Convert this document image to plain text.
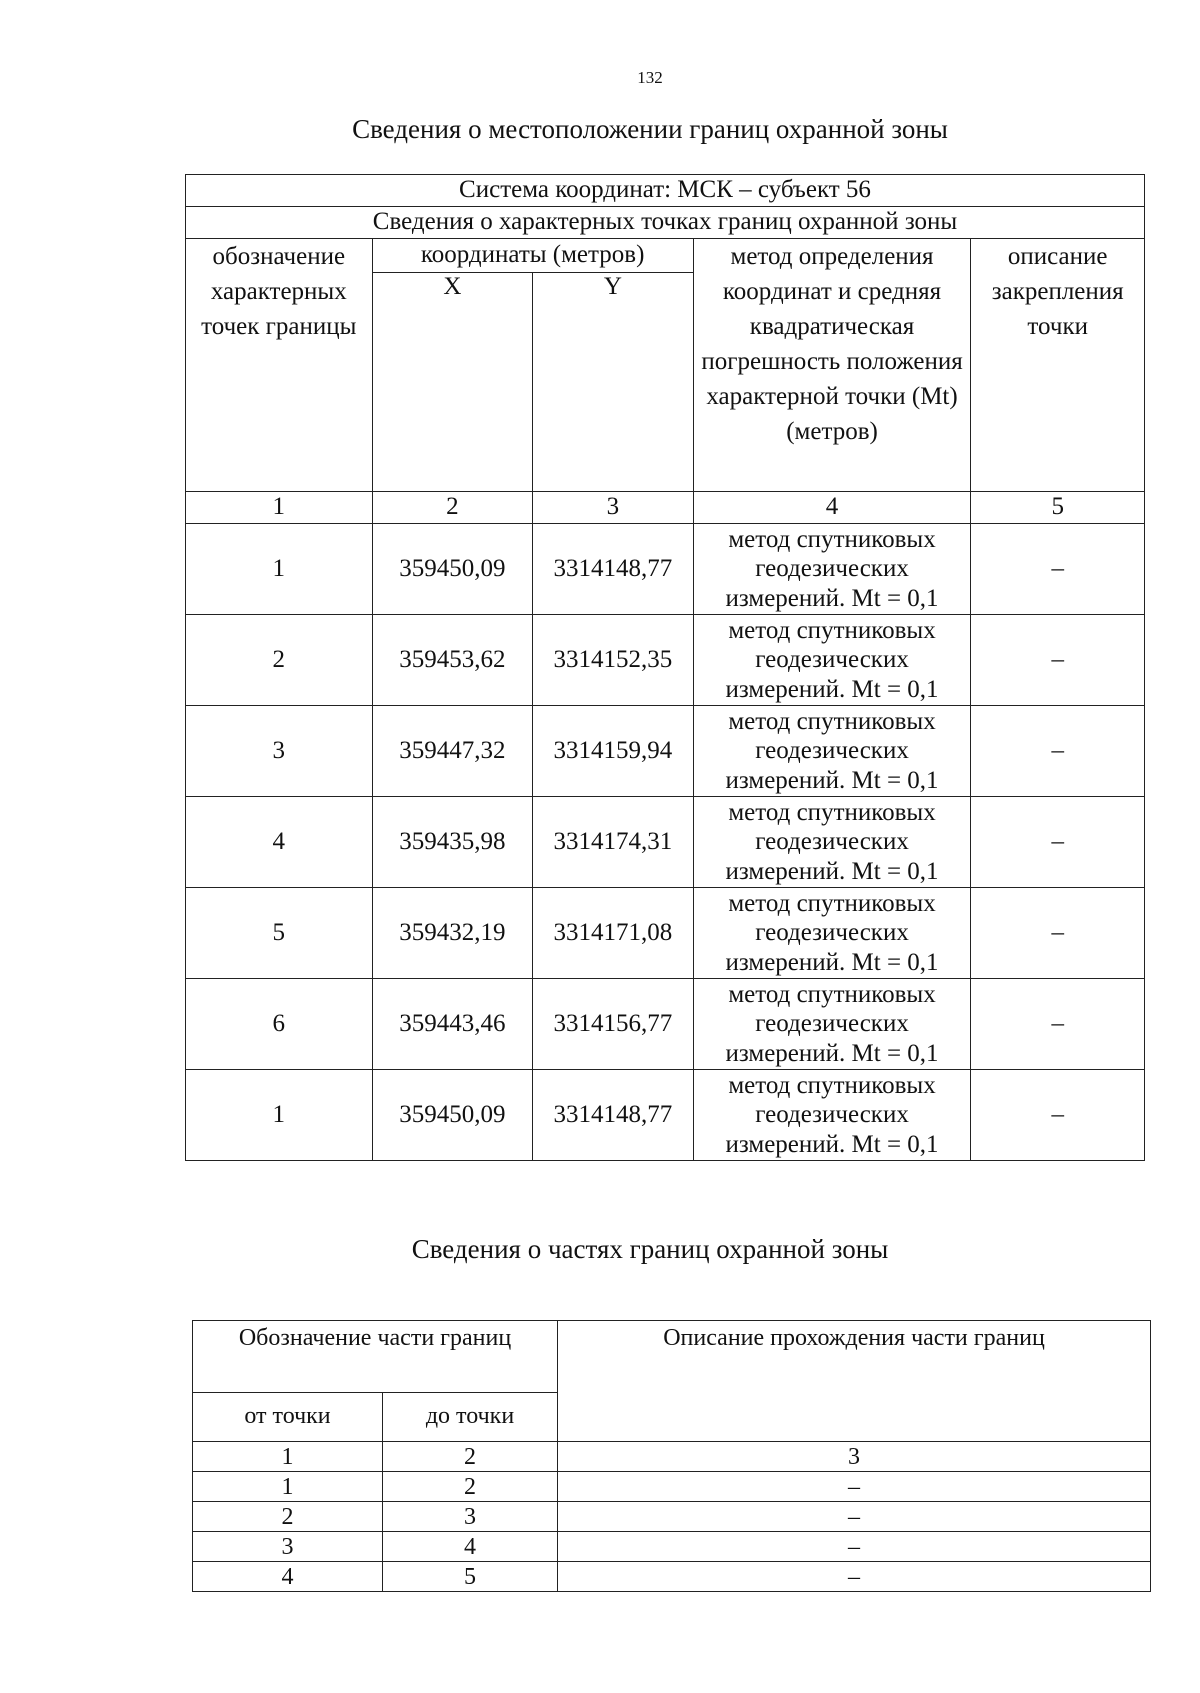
132
Сведения о местоположении границ охранной зоны
Система координат: МСК – субъект 56				
Сведения о характерных точках границ охранной зоны				
обозначение характерных точек границы	координаты (метров)		метод определения координат и средняя квадратическая погрешность положения характерной точки (Mt) (метров)	описание закрепления точки
	X	Y		
1	2	3	4	5
1	359450,09	3314148,77	метод спутниковых геодезических измерений. Mt = 0,1	–
2	359453,62	3314152,35	метод спутниковых геодезических измерений. Mt = 0,1	–
3	359447,32	3314159,94	метод спутниковых геодезических измерений. Mt = 0,1	–
4	359435,98	3314174,31	метод спутниковых геодезических измерений. Mt = 0,1	–
5	359432,19	3314171,08	метод спутниковых геодезических измерений. Mt = 0,1	–
6	359443,46	3314156,77	метод спутниковых геодезических измерений. Mt = 0,1	–
1	359450,09	3314148,77	метод спутниковых геодезических измерений. Mt = 0,1	–
Сведения о частях границ охранной зоны
Обозначение части границ		Описание прохождения части границ
от точки	до точки	
1	2	3
1	2	–
2	3	–
3	4	–
4	5	–
